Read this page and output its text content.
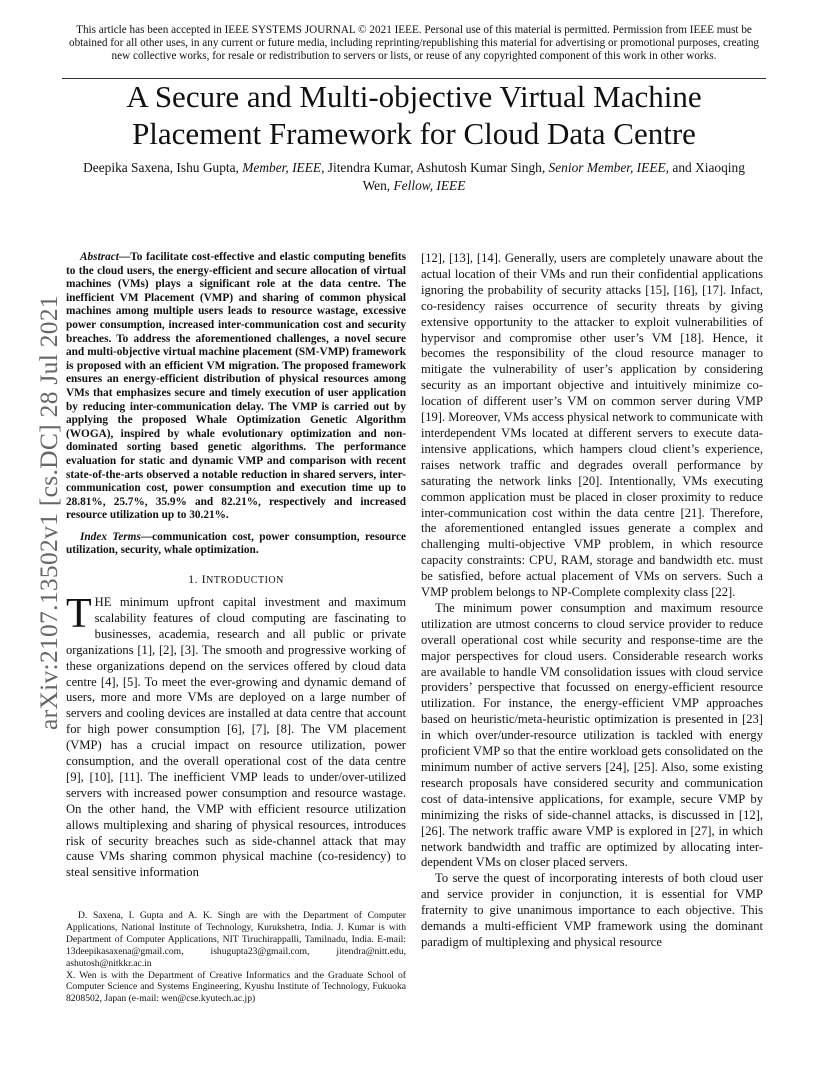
This article has been accepted in IEEE SYSTEMS JOURNAL © 2021 IEEE. Personal use of this material is permitted. Permission from IEEE must be obtained for all other uses, in any current or future media, including reprinting/republishing this material for advertising or promotional purposes, creating new collective works, for resale or redistribution to servers or lists, or reuse of any copyrighted component of this work in other works.
A Secure and Multi-objective Virtual Machine
Placement Framework for Cloud Data Centre
Deepika Saxena, Ishu Gupta, Member, IEEE, Jitendra Kumar, Ashutosh Kumar Singh, Senior Member, IEEE, and Xiaoqing Wen, Fellow, IEEE
arXiv:2107.13502v1 [cs.DC] 28 Jul 2021

Abstract—To facilitate cost-effective and elastic computing benefits to the cloud users, the energy-efficient and secure allocation of virtual machines (VMs) plays a significant role at the data centre. The inefficient VM Placement (VMP) and sharing of common physical machines among multiple users leads to resource wastage, excessive power consumption, increased inter-communication cost and security breaches. To address the aforementioned challenges, a novel secure and multi-objective virtual machine placement (SM-VMP) framework is proposed with an efficient VM migration. The proposed framework ensures an energy-efficient distribution of physical resources among VMs that emphasizes secure and timely execution of user application by reducing inter-communication delay. The VMP is carried out by applying the proposed Whale Optimization Genetic Algorithm (WOGA), inspired by whale evolutionary optimization and non-dominated sorting based genetic algorithms. The performance evaluation for static and dynamic VMP and comparison with recent state-of-the-arts observed a notable reduction in shared servers, inter-communication cost, power consumption and execution time up to 28.81%, 25.7%, 35.9% and 82.21%, respectively and increased resource utilization up to 30.21%.

Index Terms—communication cost, power consumption, resource utilization, security, whale optimization.

1. INTRODUCTION

THE minimum upfront capital investment and maximum scalability features of cloud computing are fascinating to businesses, academia, research and all public or private organizations [1], [2], [3]. The smooth and progressive working of these organizations depend on the services offered by cloud data centre [4], [5]. To meet the ever-growing and dynamic demand of users, more and more VMs are deployed on a large number of servers and cooling devices are installed at data centre that account for high power consumption [6], [7], [8]. The VM placement (VMP) has a crucial impact on resource utilization, power consumption, and the overall operational cost of the data centre [9], [10], [11]. The inefficient VMP leads to under/over-utilized servers with increased power consumption and resource wastage. On the other hand, the VMP with efficient resource utilization allows multiplexing and sharing of physical resources, introduces risk of security breaches such as side-channel attack that may cause VMs sharing common physical machine (co-residency) to steal sensitive information

D. Saxena, I. Gupta and A. K. Singh are with the Department of Computer Applications, National Institute of Technology, Kurukshetra, India. J. Kumar is with Department of Computer Applications, NIT Tiruchirappalli, Tamilnadu, India. E-mail: 13deepikasaxena@gmail.com, ishugupta23@gmail.com, jitendra@nitt.edu, ashutosh@nitkkr.ac.in

X. Wen is with the Department of Creative Informatics and the Graduate School of Computer Science and Systems Engineering, Kyushu Institute of Technology, Fukuoka 8208502, Japan (e-mail: wen@cse.kyutech.ac.jp)

[12], [13], [14]. Generally, users are completely unaware about the actual location of their VMs and run their confidential applications ignoring the probability of security attacks [15], [16], [17]. Infact, co-residency raises occurrence of security threats by giving extensive opportunity to the attacker to exploit vulnerabilities of hypervisor and compromise other user’s VM [18]. Hence, it becomes the responsibility of the cloud resource manager to mitigate the vulnerability of user’s application by considering security as an important objective and intuitively minimize co-location of different user’s VM on common server during VMP [19]. Moreover, VMs access physical network to communicate with interdependent VMs located at different servers to execute data-intensive applications, which hampers cloud client’s experience, raises network traffic and degrades overall performance by saturating the network links [20]. Intentionally, VMs executing common application must be placed in closer proximity to reduce inter-communication cost within the data centre [21]. Therefore, the aforementioned entangled issues generate a complex and challenging multi-objective VMP problem, in which resource capacity constraints: CPU, RAM, storage and bandwidth etc. must be satisfied, before actual placement of VMs on servers. Such a VMP problem belongs to NP-Complete complexity class [22].

The minimum power consumption and maximum resource utilization are utmost concerns to cloud service provider to reduce overall operational cost while security and response-time are the major perspectives for cloud users. Considerable research works are available to handle VM consolidation issues with cloud service providers’ perspective that focussed on energy-efficient resource utilization. For instance, the energy-efficient VMP approaches based on heuristic/meta-heuristic optimization is presented in [23] in which over/under-resource utilization is tackled with energy proficient VMP so that the entire workload gets consolidated on the minimum number of active servers [24], [25]. Also, some existing research proposals have considered security and communication cost of data-intensive applications, for example, secure VMP by minimizing the risks of side-channel attacks, is discussed in [12], [26]. The network traffic aware VMP is explored in [27], in which network bandwidth and traffic are optimized by allocating inter-dependent VMs on closer placed servers.

To serve the quest of incorporating interests of both cloud user and service provider in conjunction, it is essential for VMP fraternity to give unanimous importance to each objective. This demands a multi-efficient VMP framework using the dominant paradigm of multiplexing and physical resource
